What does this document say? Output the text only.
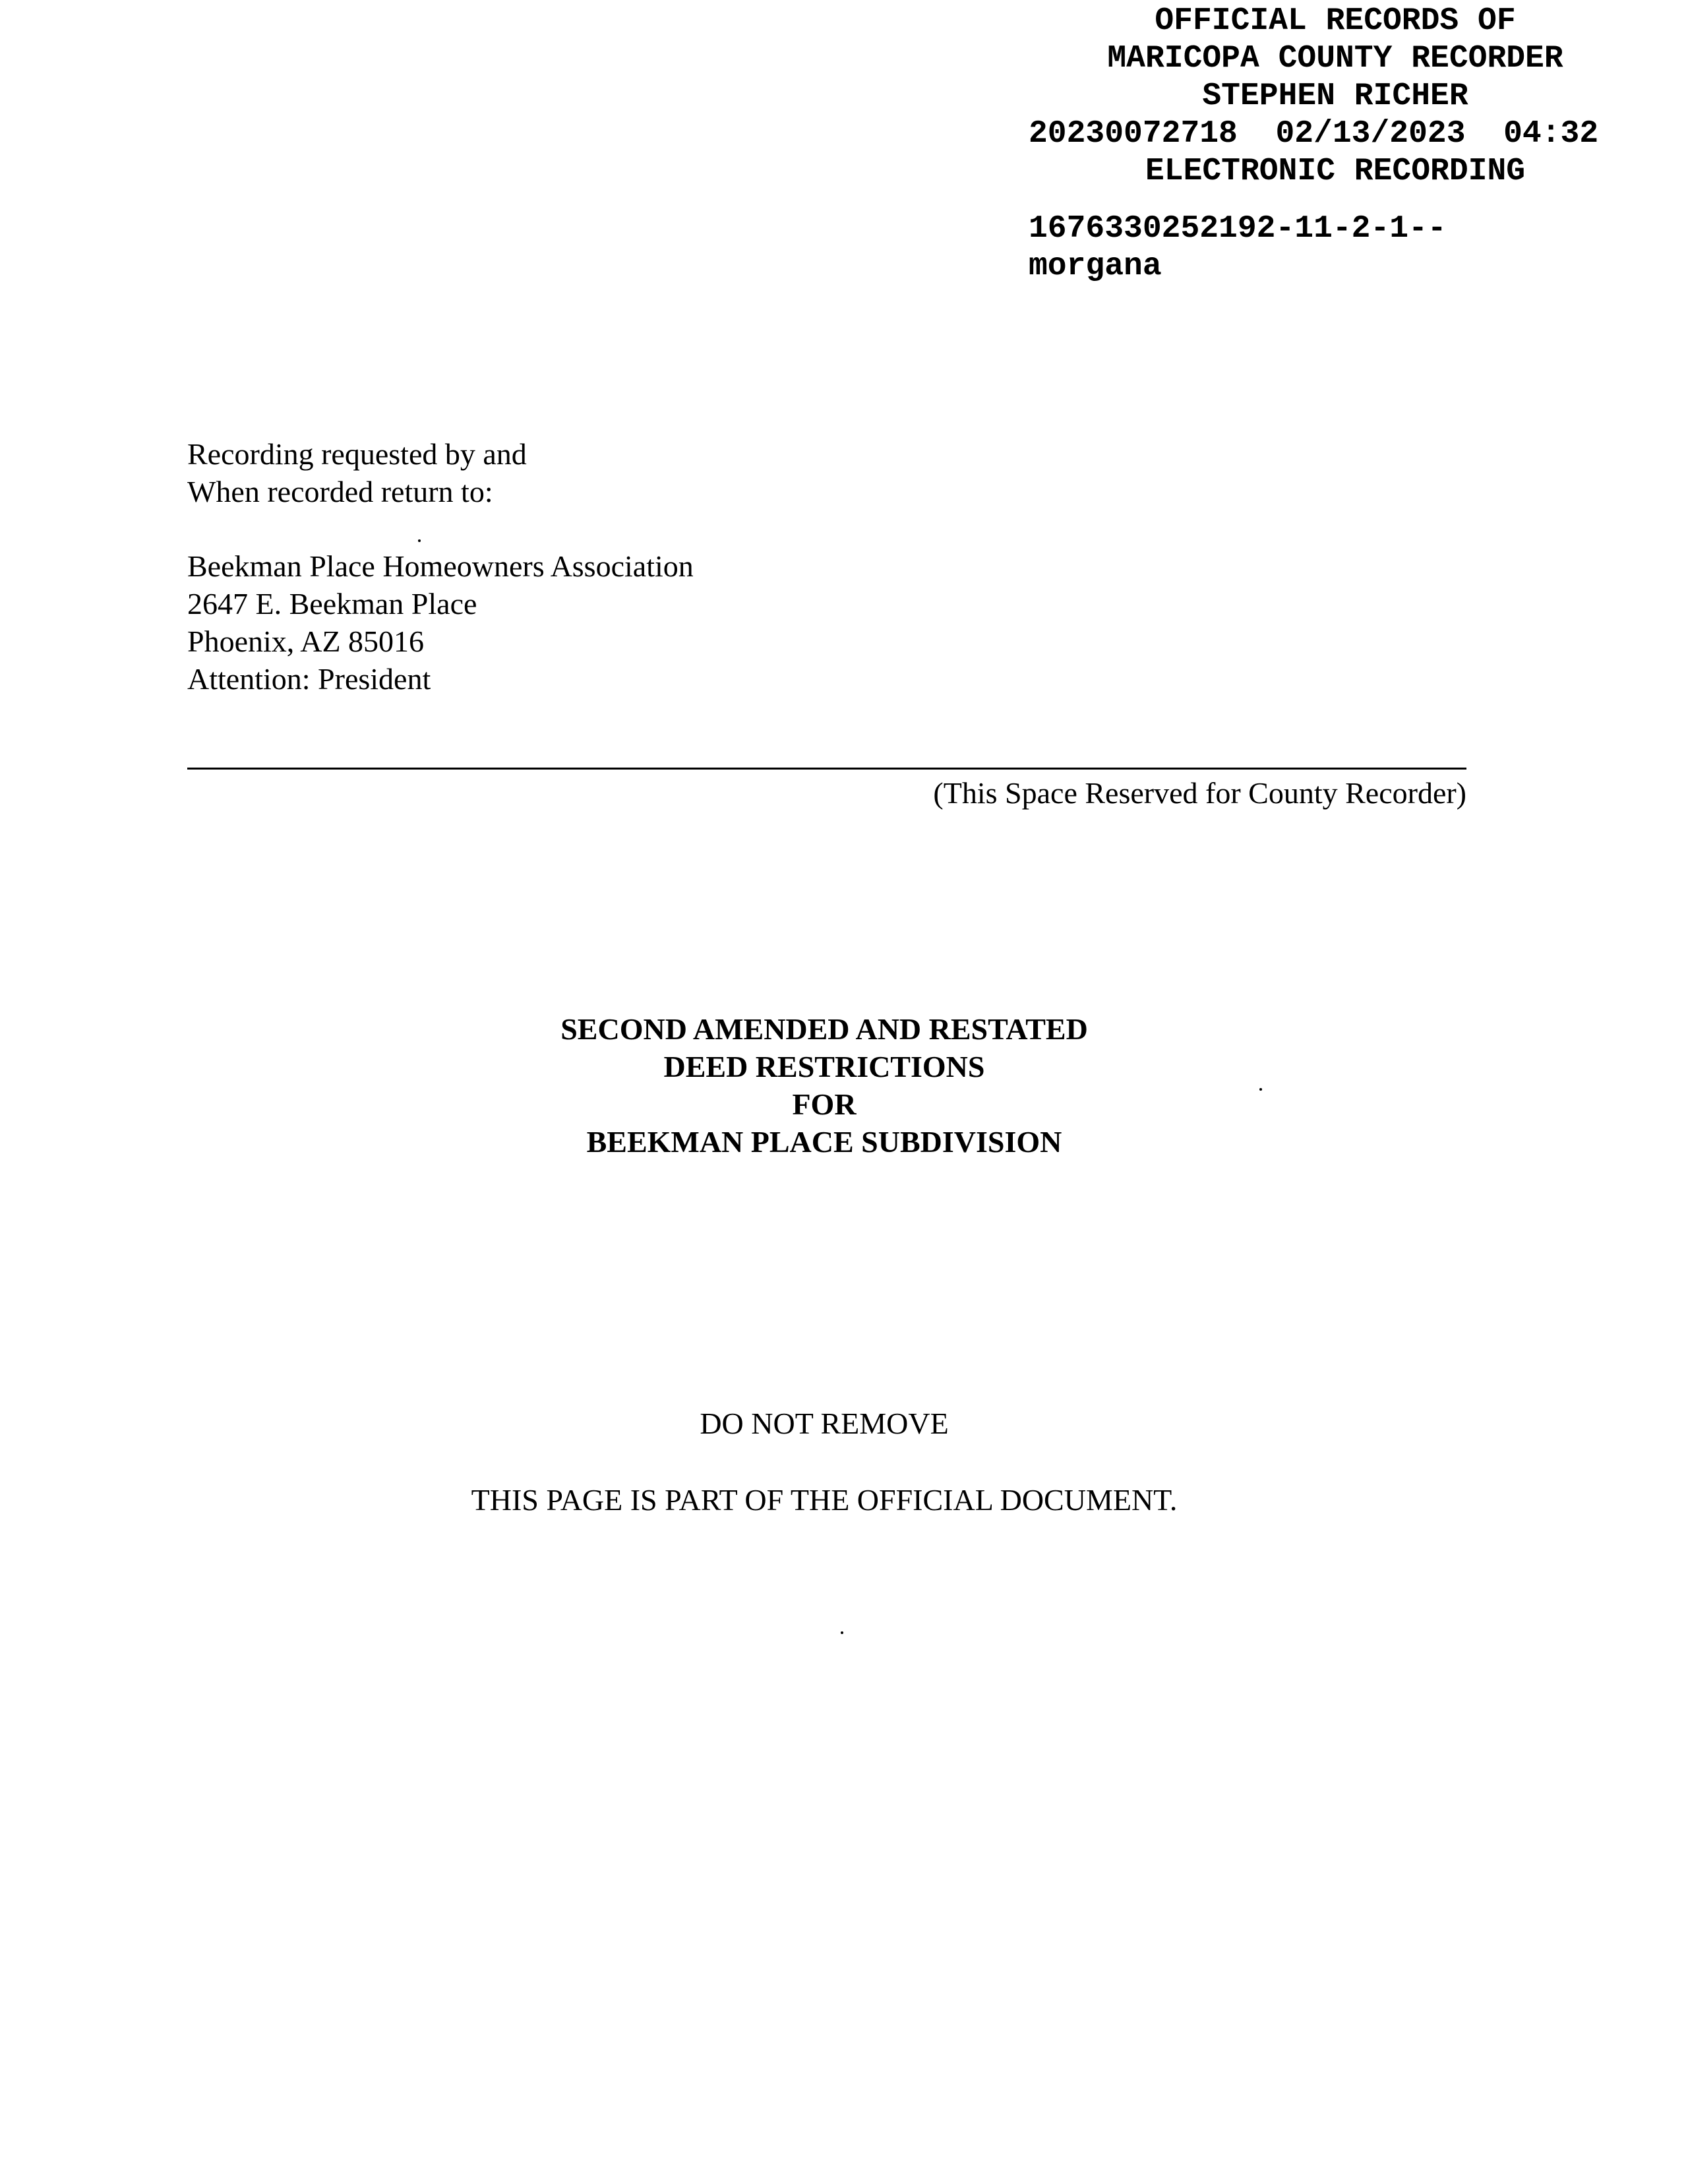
OFFICIAL RECORDS OF
MARICOPA COUNTY RECORDER
STEPHEN RICHER
20230072718  02/13/2023  04:32
ELECTRONIC RECORDING
1676330252192-11-2-1--
morgana
Recording requested by and
When recorded return to:
Beekman Place Homeowners Association
2647 E. Beekman Place
Phoenix, AZ 85016
Attention: President
(This Space Reserved for County Recorder)
SECOND AMENDED AND RESTATED
DEED RESTRICTIONS
FOR
BEEKMAN PLACE SUBDIVISION
DO NOT REMOVE
THIS PAGE IS PART OF THE OFFICIAL DOCUMENT.
